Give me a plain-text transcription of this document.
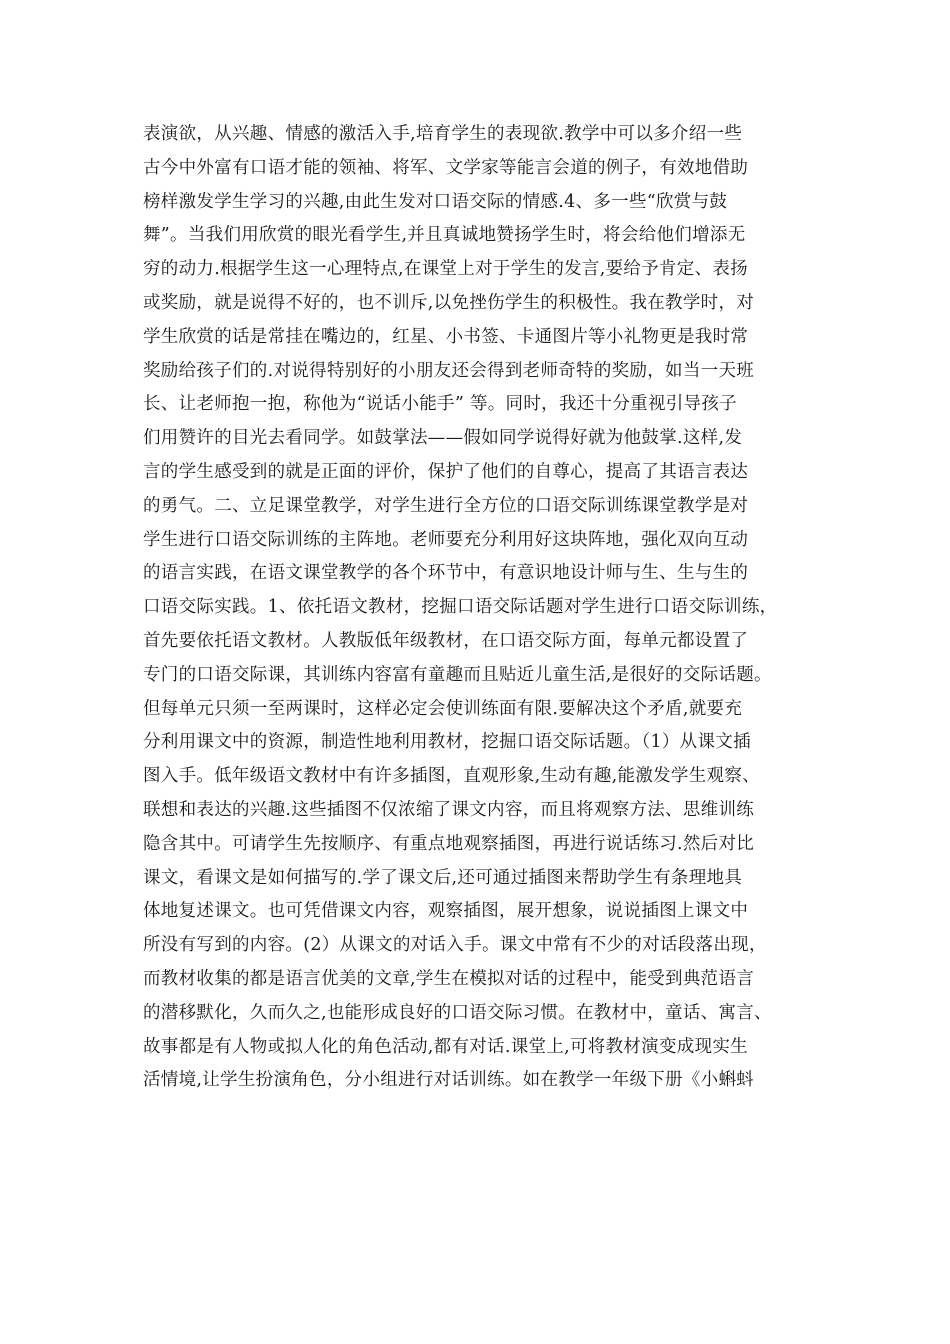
表演欲，从兴趣、情感的激活入手,培育学生的表现欲.教学中可以多介绍一些
古今中外富有口语才能的领袖、将军、文学家等能言会道的例子，有效地借助
榜样激发学生学习的兴趣,由此生发对口语交际的情感.4、多一些“欣赏与鼓
舞”。当我们用欣赏的眼光看学生,并且真诚地赞扬学生时，将会给他们增添无
穷的动力.根据学生这一心理特点,在课堂上对于学生的发言,要给予肯定、表扬
或奖励，就是说得不好的，也不训斥,以免挫伤学生的积极性。我在教学时，对
学生欣赏的话是常挂在嘴边的，红星、小书签、卡通图片等小礼物更是我时常
奖励给孩子们的.对说得特别好的小朋友还会得到老师奇特的奖励，如当一天班
长、让老师抱一抱，称他为“说话小能手” 等。同时，我还十分重视引导孩子
们用赞许的目光去看同学。如鼓掌法——假如同学说得好就为他鼓掌.这样,发
言的学生感受到的就是正面的评价，保护了他们的自尊心，提高了其语言表达
的勇气。二、立足课堂教学，对学生进行全方位的口语交际训练课堂教学是对
学生进行口语交际训练的主阵地。老师要充分利用好这块阵地，强化双向互动
的语言实践，在语文课堂教学的各个环节中，有意识地设计师与生、生与生的
口语交际实践。1、依托语文教材，挖掘口语交际话题对学生进行口语交际训练，
首先要依托语文教材。人教版低年级教材，在口语交际方面，每单元都设置了
专门的口语交际课，其训练内容富有童趣而且贴近儿童生活,是很好的交际话题。
但每单元只须一至两课时，这样必定会使训练面有限.要解决这个矛盾,就要充
分利用课文中的资源，制造性地利用教材，挖掘口语交际话题。（1）从课文插
图入手。低年级语文教材中有许多插图，直观形象,生动有趣,能激发学生观察、
联想和表达的兴趣.这些插图不仅浓缩了课文内容，而且将观察方法、思维训练
隐含其中。可请学生先按顺序、有重点地观察插图，再进行说话练习.然后对比
课文，看课文是如何描写的.学了课文后,还可通过插图来帮助学生有条理地具
体地复述课文。也可凭借课文内容，观察插图，展开想象，说说插图上课文中
所没有写到的内容。(2）从课文的对话入手。课文中常有不少的对话段落出现，
而教材收集的都是语言优美的文章,学生在模拟对话的过程中，能受到典范语言
的潜移默化，久而久之,也能形成良好的口语交际习惯。在教材中，童话、寓言、
故事都是有人物或拟人化的角色活动,都有对话.课堂上,可将教材演变成现实生
活情境,让学生扮演角色，分小组进行对话训练。如在教学一年级下册《小蝌蚪
